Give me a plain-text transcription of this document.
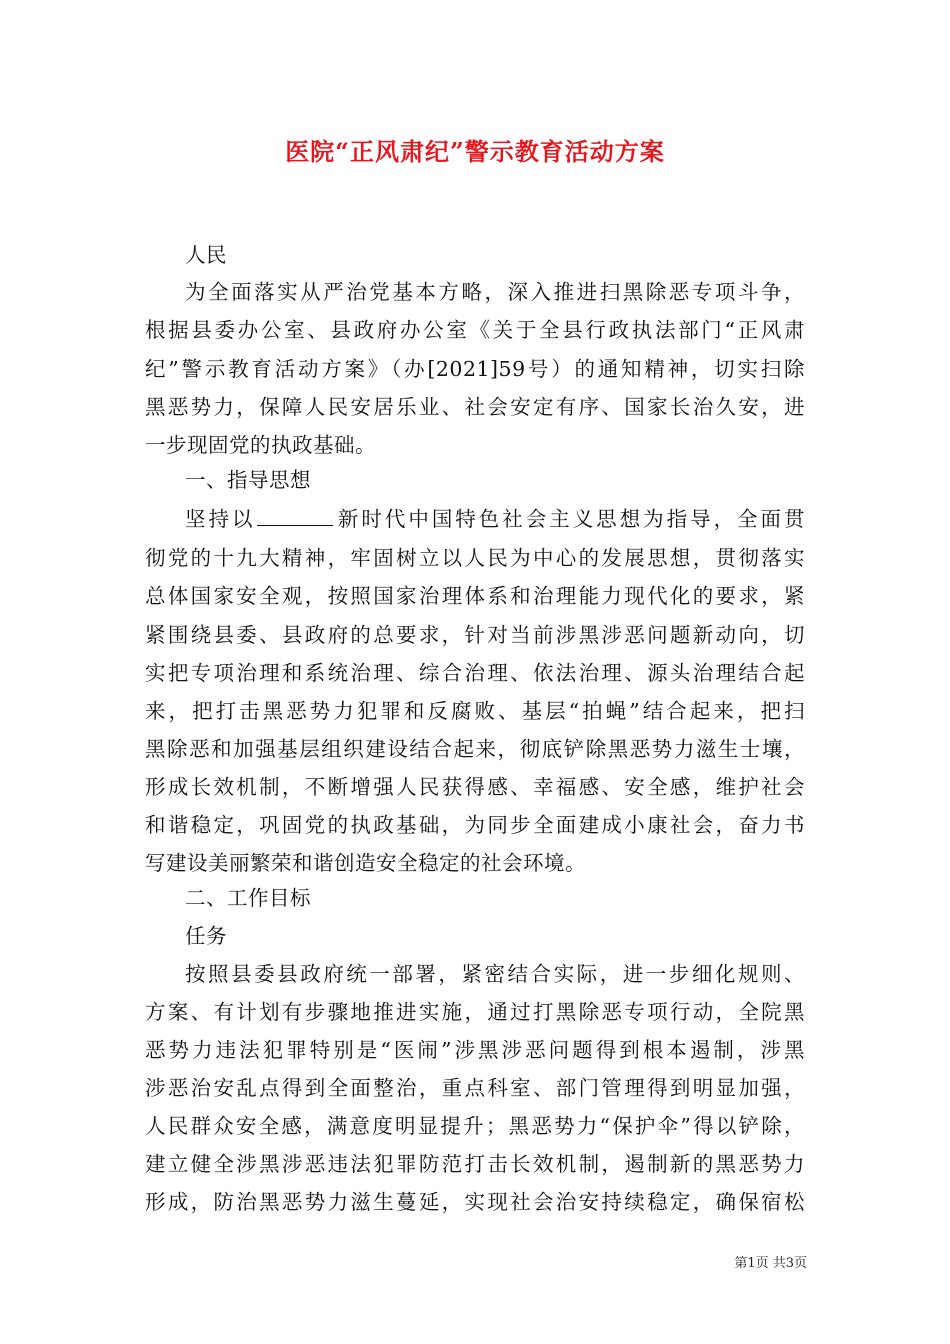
医院“正风肃纪”警示教育活动方案
人民
为全面落实从严治党基本方略，深入推进扫黑除恶专项斗争，
根据县委办公室、县政府办公室《关于全县行政执法部门“正风肃
纪”警示教育活动方案》（办[2021]59号）的通知精神，切实扫除
黑恶势力，保障人民安居乐业、社会安定有序、国家长治久安，进
一步现固党的执政基础。
一、指导思想
坚持以	新时代中国特色社会主义思想为指导，全面贯
彻党的十九大精神，牢固树立以人民为中心的发展思想，贯彻落实
总体国家安全观，按照国家治理体系和治理能力现代化的要求，紧
紧围绕县委、县政府的总要求，针对当前涉黑涉恶问题新动向，切
实把专项治理和系统治理、综合治理、依法治理、源头治理结合起
来，把打击黑恶势力犯罪和反腐败、基层“拍蝇”结合起来，把扫
黑除恶和加强基层组织建设结合起来，彻底铲除黑恶势力滋生士壤，
形成长效机制，不断增强人民获得感、幸福感、安全感，维护社会
和谐稳定，巩固党的执政基础，为同步全面建成小康社会，奋力书
写建设美丽繁荣和谐创造安全稳定的社会环境。
二、工作目标
任务
按照县委县政府统一部署，紧密结合实际，进一步细化规则、
方案、有计划有步骤地推进实施，通过打黑除恶专项行动，全院黑
恶势力违法犯罪特别是“医闹”涉黑涉恶问题得到根本遏制，涉黑
涉恶治安乱点得到全面整治，重点科室、部门管理得到明显加强，
人民群众安全感，满意度明显提升；黑恶势力“保护伞”得以铲除，
建立健全涉黑涉恶违法犯罪防范打击长效机制，遏制新的黑恶势力
形成，防治黑恶势力滋生蔓延，实现社会治安持续稳定，确保宿松
第1页 共3页
